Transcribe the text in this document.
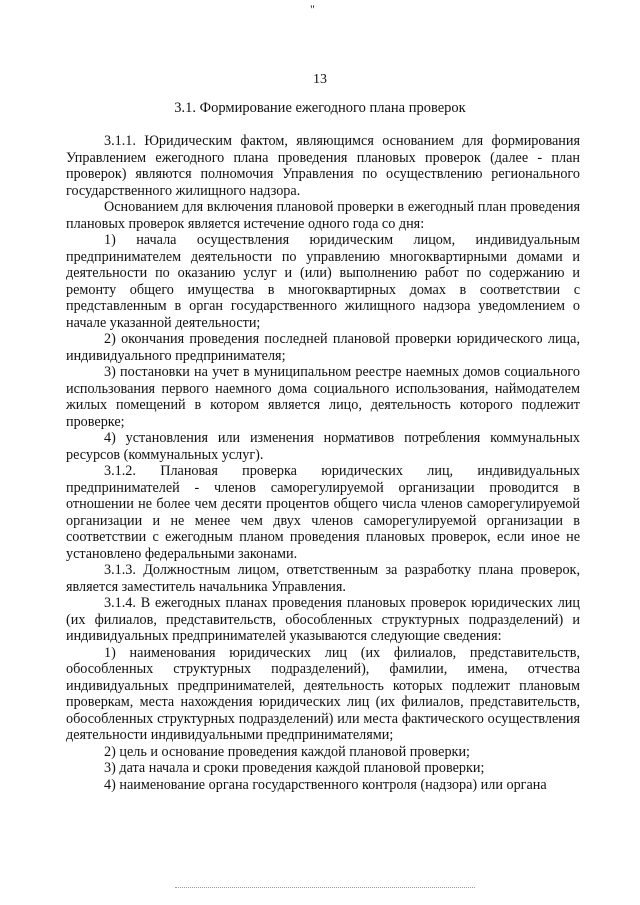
"
13
3.1. Формирование ежегодного плана проверок

3.1.1. Юридическим фактом, являющимся основанием для формирования Управлением ежегодного плана проведения плановых проверок (далее - план проверок) являются полномочия Управления по осуществлению регионального государственного жилищного надзора.

Основанием для включения плановой проверки в ежегодный план проведения плановых проверок является истечение одного года со дня:

1) начала осуществления юридическим лицом, индивидуальным предпринимателем деятельности по управлению многоквартирными домами и деятельности по оказанию услуг и (или) выполнению работ по содержанию и ремонту общего имущества в многоквартирных домах в соответствии с представленным в орган государственного жилищного надзора уведомлением о начале указанной деятельности;

2) окончания проведения последней плановой проверки юридического лица, индивидуального предпринимателя;

3) постановки на учет в муниципальном реестре наемных домов социального использования первого наемного дома социального использования, наймодателем жилых помещений в котором является лицо, деятельность которого подлежит проверке;

4) установления или изменения нормативов потребления коммунальных ресурсов (коммунальных услуг).

3.1.2. Плановая проверка юридических лиц, индивидуальных предпринимателей - членов саморегулируемой организации проводится в отношении не более чем десяти процентов общего числа членов саморегулируемой организации и не менее чем двух членов саморегулируемой организации в соответствии с ежегодным планом проведения плановых проверок, если иное не установлено федеральными законами.

3.1.3. Должностным лицом, ответственным за разработку плана проверок, является заместитель начальника Управления.

3.1.4. В ежегодных планах проведения плановых проверок юридических лиц (их филиалов, представительств, обособленных структурных подразделений) и индивидуальных предпринимателей указываются следующие сведения:

1) наименования юридических лиц (их филиалов, представительств, обособленных структурных подразделений), фамилии, имена, отчества индивидуальных предпринимателей, деятельность которых подлежит плановым проверкам, места нахождения юридических лиц (их филиалов, представительств, обособленных структурных подразделений) или места фактического осуществления деятельности индивидуальными предпринимателями;

2) цель и основание проведения каждой плановой проверки;

3) дата начала и сроки проведения каждой плановой проверки;

4) наименование органа государственного контроля (надзора) или органа
